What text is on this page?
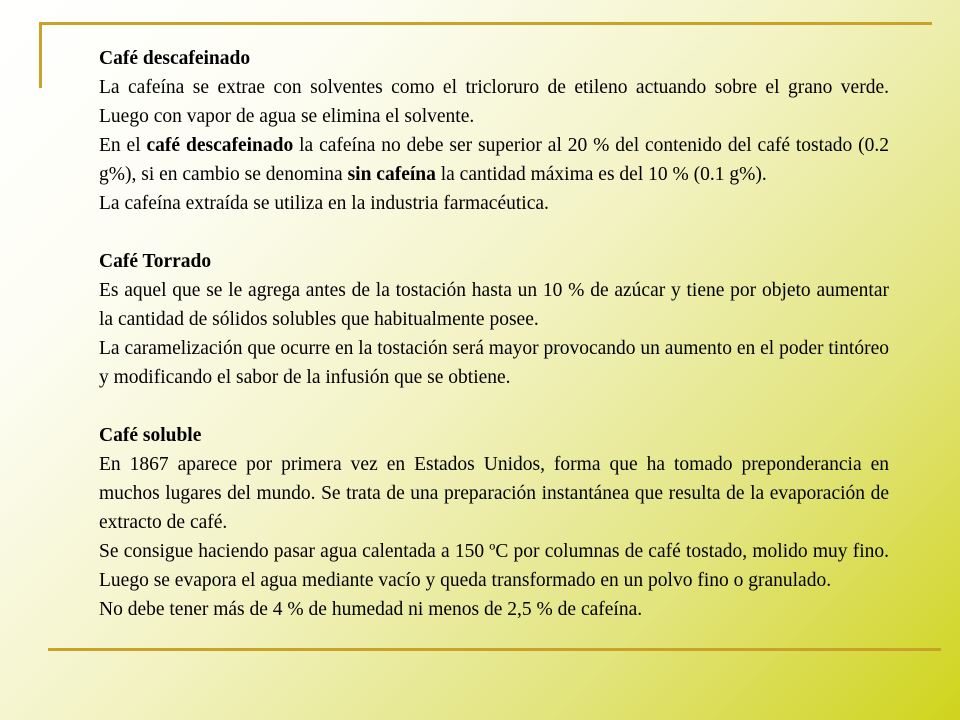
Café descafeinado

La cafeína se extrae con solventes como el tricloruro de etileno actuando sobre el grano verde. Luego con vapor de agua se elimina el solvente.

En el café descafeinado la cafeína no debe ser superior al 20 % del contenido del café tostado (0.2 g%), si en cambio se denomina sin cafeína la cantidad máxima es del 10 % (0.1 g%).

La cafeína extraída se utiliza en la industria farmacéutica.

Café Torrado

Es aquel que se le agrega antes de la tostación hasta un 10 % de azúcar y tiene por objeto aumentar la cantidad de sólidos solubles que habitualmente posee.

La caramelización que ocurre en la tostación será mayor provocando un aumento en el poder tintóreo y modificando el sabor de la infusión que se obtiene.

Café soluble

En 1867 aparece por primera vez en Estados Unidos, forma que ha tomado preponderancia en muchos lugares del mundo. Se trata de una preparación instantánea que resulta de la evaporación de extracto de café.

Se consigue haciendo pasar agua calentada a 150 ºC por columnas de café tostado, molido muy fino. Luego se evapora el agua mediante vacío y queda transformado en un polvo fino o granulado.

No debe tener más de 4 % de humedad ni menos de 2,5 % de cafeína.
